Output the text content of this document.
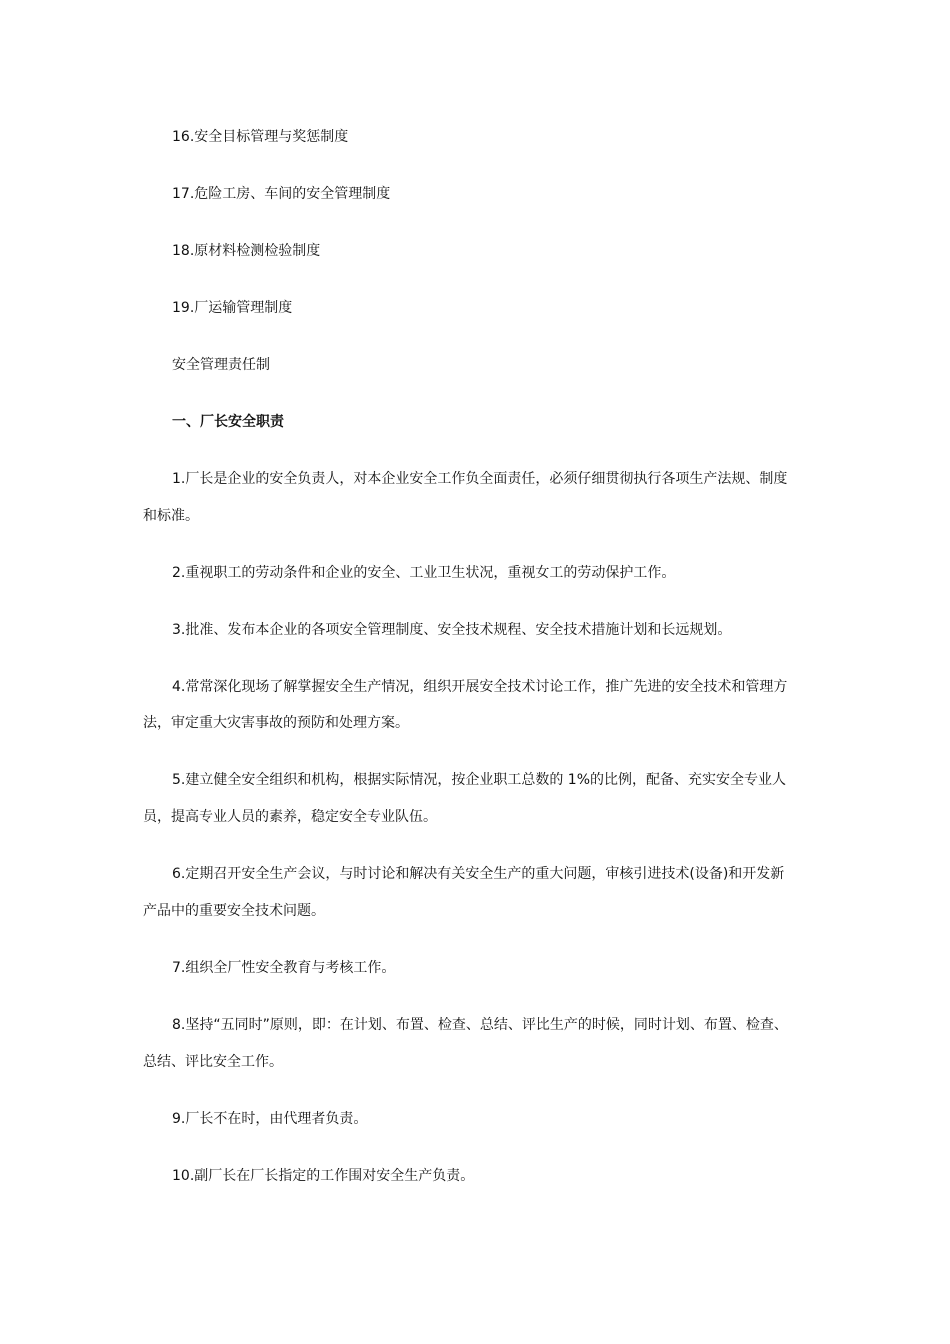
16.安全目标管理与奖惩制度

17.危险工房、车间的安全管理制度

18.原材料检测检验制度

19.厂运输管理制度

安全管理责任制

一、厂长安全职责

1.厂长是企业的安全负责人，对本企业安全工作负全面责任，必须仔细贯彻执行各项生产法规、制度

和标准。

2.重视职工的劳动条件和企业的安全、工业卫生状况，重视女工的劳动保护工作。

3.批准、发布本企业的各项安全管理制度、安全技术规程、安全技术措施计划和长远规划。

4.常常深化现场了解掌握安全生产情况，组织开展安全技术讨论工作，推广先进的安全技术和管理方

法，审定重大灾害事故的预防和处理方案。

5.建立健全安全组织和机构，根据实际情况，按企业职工总数的 1%的比例，配备、充实安全专业人

员，提高专业人员的素养，稳定安全专业队伍。

6.定期召开安全生产会议，与时讨论和解决有关安全生产的重大问题，审核引进技术(设备)和开发新

产品中的重要安全技术问题。

7.组织全厂性安全教育与考核工作。

8.坚持“五同时”原则，即：在计划、布置、检查、总结、评比生产的时候，同时计划、布置、检查、

总结、评比安全工作。

9.厂长不在时，由代理者负责。

10.副厂长在厂长指定的工作围对安全生产负责。
